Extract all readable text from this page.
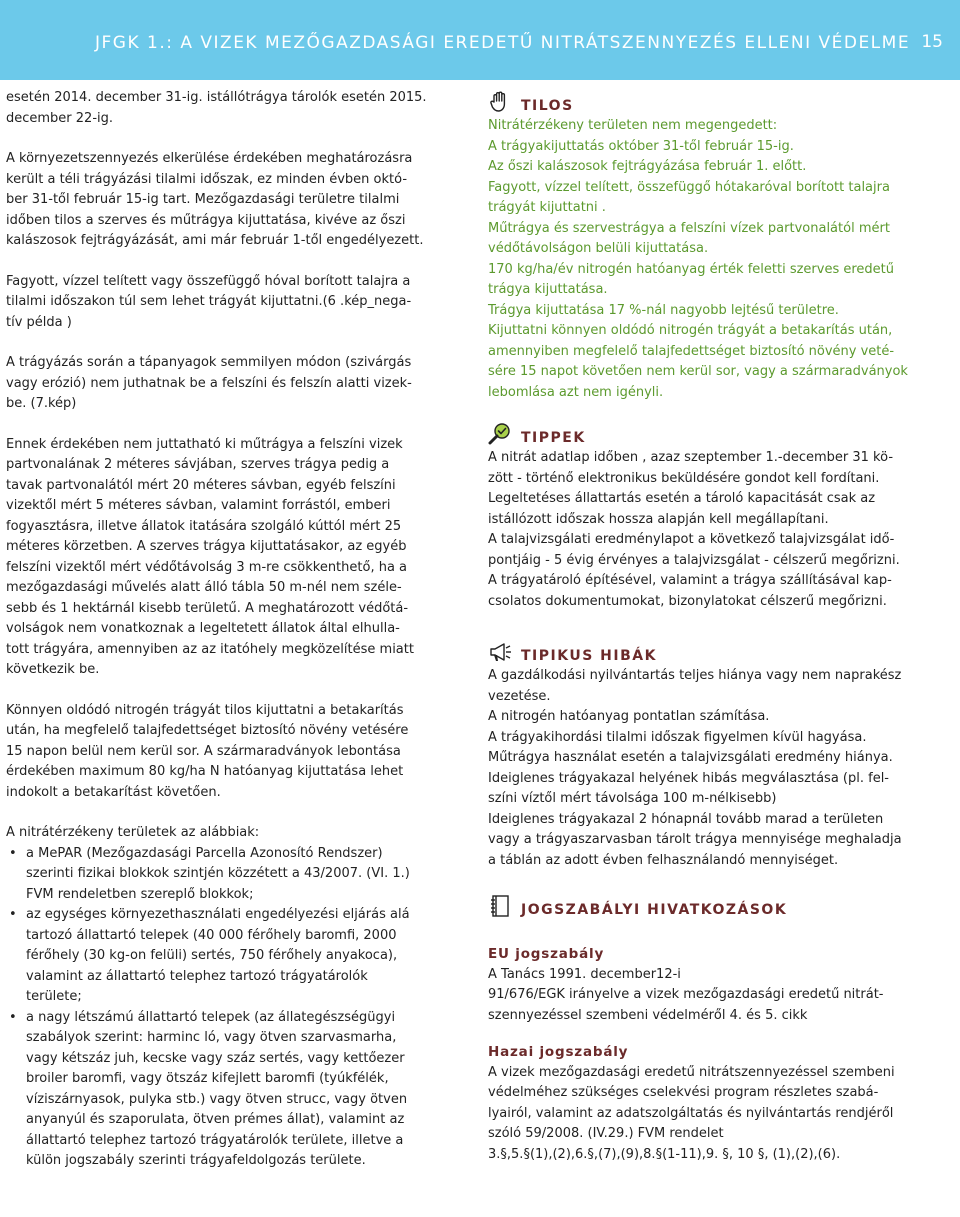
JFGK 1.: A VIZEK MEZŐGAZDASÁGI EREDETŰ NITRÁTSZENNYEZÉS ELLENI VÉDELME 15

esetén 2014. december 31-ig. istállótrágya tárolók esetén 2015.
december 22-ig.

A környezetszennyezés elkerülése érdekében meghatározásra
került a téli trágyázási tilalmi időszak, ez minden évben októ-
ber 31-től február 15-ig tart. Mezőgazdasági területre tilalmi
időben tilos a szerves és műtrágya kijuttatása, kivéve az őszi
kalászosok fejtrágyázását, ami már február 1-től engedélyezett.

Fagyott, vízzel telített vagy összefüggő hóval borított talajra a
tilalmi időszakon túl sem lehet trágyát kijuttatni.(6 .kép_nega-
tív példa )

A trágyázás során a tápanyagok semmilyen módon (szivárgás
vagy erózió) nem juthatnak be a felszíni és felszín alatti vizek-
be. (7.kép)

Ennek érdekében nem juttatható ki műtrágya a felszíni vizek
partvonalának 2 méteres sávjában, szerves trágya pedig a
tavak partvonalától mért 20 méteres sávban, egyéb felszíni
vizektől mért 5 méteres sávban, valamint forrástól, emberi
fogyasztásra, illetve állatok itatására szolgáló kúttól mért 25
méteres körzetben. A szerves trágya kijuttatásakor, az egyéb
felszíni vizektől mért védőtávolság 3 m-re csökkenthető, ha a
mezőgazdasági művelés alatt álló tábla 50 m-nél nem széle-
sebb és 1 hektárnál kisebb területű. A meghatározott védőtá-
volságok nem vonatkoznak a legeltetett állatok által elhulla-
tott trágyára, amennyiben az az itatóhely megközelítése miatt
következik be.

Könnyen oldódó nitrogén trágyát tilos kijuttatni a betakarítás
után, ha megfelelő talajfedettséget biztosító növény vetésére
15 napon belül nem kerül sor. A szármaradványok lebontása
érdekében maximum 80 kg/ha N hatóanyag kijuttatása lehet
indokolt a betakarítást követően.

A nitrátérzékeny területek az alábbiak:

• a MePAR (Mezőgazdasági Parcella Azonosító Rendszer)
szerinti fizikai blokkok szintjén közzétett a 43/2007. (VI. 1.)
FVM rendeletben szereplő blokkok;
• az egységes környezethasználati engedélyezési eljárás alá
tartozó állattartó telepek (40 000 férőhely baromfi, 2000
férőhely (30 kg-on felüli) sertés, 750 férőhely anyakoca),
valamint az állattartó telephez tartozó trágyatárolók
területe;
• a nagy létszámú állattartó telepek (az állategészségügyi
szabályok szerint: harminc ló, vagy ötven szarvasmarha,
vagy kétszáz juh, kecske vagy száz sertés, vagy kettőezer
broiler baromfi, vagy ötszáz kifejlett baromfi (tyúkfélék,
víziszárnyasok, pulyka stb.) vagy ötven strucc, vagy ötven
anyanyúl és szaporulata, ötven prémes állat), valamint az
állattartó telephez tartozó trágyatárolók területe, illetve a
külön jogszabály szerinti trágyafeldolgozás területe.
TILOS
Nitrátérzékeny területen nem megengedett:
A trágyakijuttatás október 31-től február 15-ig.
Az őszi kalászosok fejtrágyázása február 1. előtt.
Fagyott, vízzel telített, összefüggő hótakaróval borított talajra
trágyát kijuttatni .
Műtrágya és szervestrágya a felszíni vízek partvonalától mért
védőtávolságon belüli kijuttatása.
170 kg/ha/év nitrogén hatóanyag érték feletti szerves eredetű
trágya kijuttatása.
Trágya kijuttatása 17 %-nál nagyobb lejtésű területre.
Kijuttatni könnyen oldódó nitrogén trágyát a betakarítás után,
amennyiben megfelelő talajfedettséget biztosító növény veté-
sére 15 napot követően nem kerül sor, vagy a szármaradványok
lebomlása azt nem igényli.
TIPPEK
A nitrát adatlap időben , azaz szeptember 1.-december 31 kö-
zött - történő elektronikus beküldésére gondot kell fordítani.
Legeltetéses állattartás esetén a tároló kapacitását csak az
istállózott időszak hossza alapján kell megállapítani.
A talajvizsgálati eredménylapot a következő talajvizsgálat idő-
pontjáig - 5 évig érvényes a talajvizsgálat - célszerű megőrizni.
A trágyatároló építésével, valamint a trágya szállításával kap-
csolatos dokumentumokat, bizonylatokat célszerű megőrizni.
TIPIKUS HIBÁK
A gazdálkodási nyilvántartás teljes hiánya vagy nem naprakész
vezetése.
A nitrogén hatóanyag pontatlan számítása.
A trágyakihordási tilalmi időszak figyelmen kívül hagyása.
Műtrágya használat esetén a talajvizsgálati eredmény hiánya.
Ideiglenes trágyakazal helyének hibás megválasztása (pl. fel-
színi víztől mért távolsága 100 m-nélkisebb)
Ideiglenes trágyakazal 2 hónapnál tovább marad a területen
vagy a trágyaszarvasban tárolt trágya mennyisége meghaladja
a táblán az adott évben felhasználandó mennyiséget.
JOGSZABÁLYI HIVATKOZÁSOK
EU jogszabály
A Tanács 1991. december12-i
91/676/EGK irányelve a vizek mezőgazdasági eredetű nitrát-
szennyezéssel szembeni védelméről 4. és 5. cikk
Hazai jogszabály
A vizek mezőgazdasági eredetű nitrátszennyezéssel szembeni
védelméhez szükséges cselekvési program részletes szabá-
lyairól, valamint az adatszolgáltatás és nyilvántartás rendjéről
szóló 59/2008. (IV.29.) FVM rendelet
3.§,5.§(1),(2),6.§,(7),(9),8.§(1-11),9. §, 10 §, (1),(2),(6).
